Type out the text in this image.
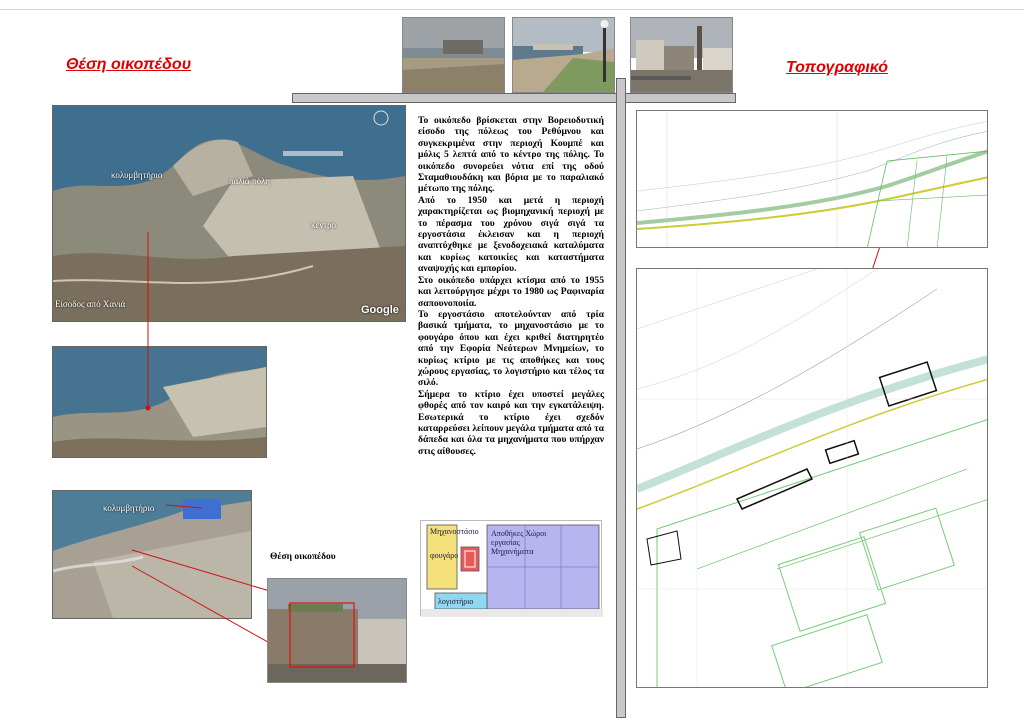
Θέση οικοπέδου	Τοπογραφικό
κολυμβητήριο
παλιά πόλη
κέντρο
Είσοδος από Χανιά	Google
κολυμβητήριο

Το οικόπεδο βρίσκεται στην Βορειοδυτική είσοδο της πόλεως του Ρεθύμνου και συγκεκριμένα στην περιοχή Κουμπέ και μόλις 5 λεπτά από το κέντρο της πόλης. Το οικόπεδο συνορεύει νότια επί της οδού Σταμαθιουδάκη και βόρια με το παραλιακό μέτωπο της πόλης.

Από το 1950 και μετά η περιοχή χαρακτηρίζεται ως βιομηχανική περιοχή με το πέρασμα του χρόνου σιγά σιγά τα εργοστάσια έκλεισαν και η περιοχή αναπτύχθηκε με ξενοδοχειακά καταλύματα και κυρίως κατοικίες και καταστήματα αναψυχής και εμπορίου.

Στο οικόπεδο υπάρχει κτίσμα από το 1955 και λειτούργησε μέχρι το 1980 ως Ραφιναρία σαπουνοποιία.

Το εργοστάσιο αποτελούνταν από τρία βασικά τμήματα, το μηχανοστάσιο με το φουγάρο όπου και έχει κριθεί διατηρητέο από την Εφορία Νεότερων Μνημείων, το κυρίως κτίριο με τις αποθήκες και τους χώρους εργασίας, το λογιστήριο και τέλος τα σιλό.

Σήμερα το κτίριο έχει υποστεί μεγάλες φθορές από τον καιρό και την εγκατάλειψη. Εσωτερικά το κτίριο έχει σχεδόν καταρρεύσει λείπουν μεγάλα τμήματα από τα δάπεδα και όλα τα μηχανήματα που υπήρχαν στις αίθουσες.

Θέση οικοπέδου
Μηχανοστάσιο
φουγάρο
Αποθήκες Χώροι εργασίας Μηχανήματα
λογιστήριο
